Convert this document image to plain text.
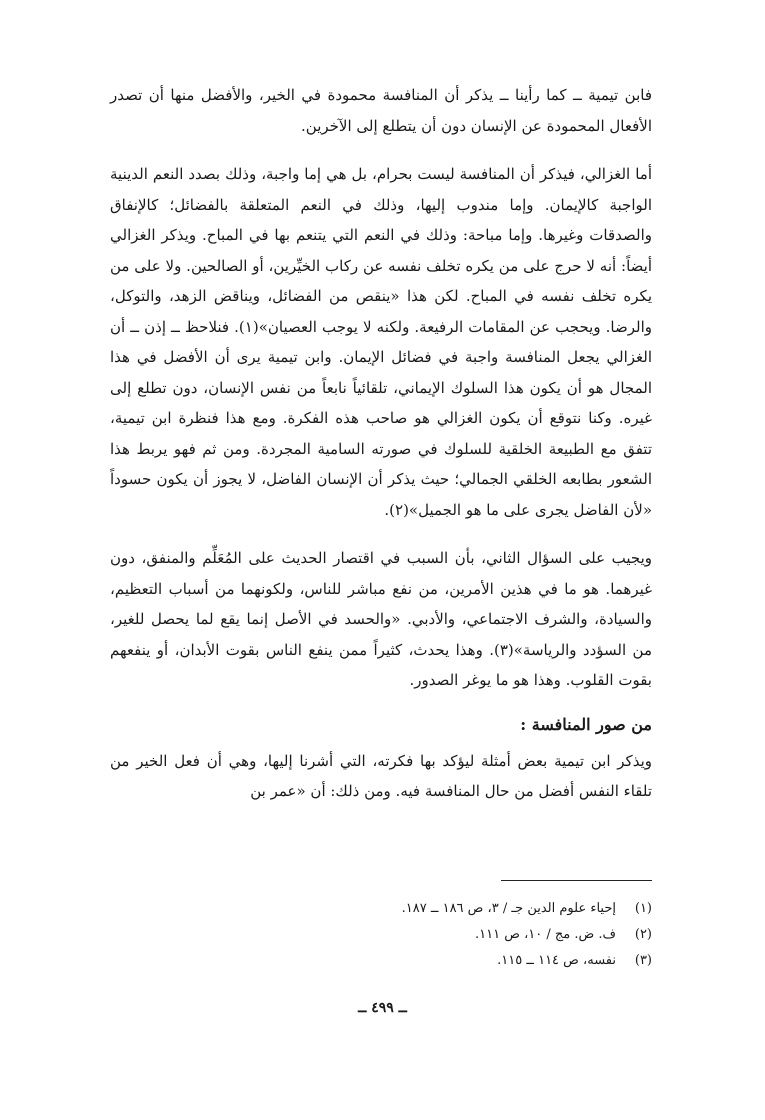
فابن تيمية ــ كما رأينا ــ يذكر أن المنافسة محمودة في الخير، والأفضل منها أن تصدر الأفعال المحمودة عن الإنسان دون أن يتطلع إلى الآخرين.

أما الغزالي، فيذكر أن المنافسة ليست بحرام، بل هي إما واجبة، وذلك بصدد النعم الدينية الواجبة كالإيمان. وإما مندوب إليها، وذلك في النعم المتعلقة بالفضائل؛ كالإنفاق والصدقات وغيرها. وإما مباحة: وذلك في النعم التي يتنعم بها في المباح. ويذكر الغزالي أيضاً: أنه لا حرج على من يكره تخلف نفسه عن ركاب الخيِّرين، أو الصالحين. ولا على من يكره تخلف نفسه في المباح. لكن هذا «ينقص من الفضائل، ويناقض الزهد، والتوكل، والرضا. ويحجب عن المقامات الرفيعة. ولكنه لا يوجب العصيان»(١). فنلاحظ ــ إذن ــ أن الغزالي يجعل المنافسة واجبة في فضائل الإيمان. وابن تيمية يرى أن الأفضل في هذا المجال هو أن يكون هذا السلوك الإيماني، تلقائياً نابعاً من نفس الإنسان، دون تطلع إلى غيره. وكنا نتوقع أن يكون الغزالي هو صاحب هذه الفكرة. ومع هذا فنظرة ابن تيمية، تتفق مع الطبيعة الخلقية للسلوك في صورته السامية المجردة. ومن ثم فهو يربط هذا الشعور بطابعه الخلقي الجمالي؛ حيث يذكر أن الإنسان الفاضل، لا يجوز أن يكون حسوداً «لأن الفاضل يجرى على ما هو الجميل»(٢).

ويجيب على السؤال الثاني، بأن السبب في اقتصار الحديث على المُعَلِّم والمنفق، دون غيرهما. هو ما في هذين الأمرين، من نفع مباشر للناس، ولكونهما من أسباب التعظيم، والسيادة، والشرف الاجتماعي، والأدبي. «والحسد في الأصل إنما يقع لما يحصل للغير، من السؤدد والرياسة»(٣). وهذا يحدث، كثيراً ممن ينفع الناس بقوت الأبدان، أو ينفعهم بقوت القلوب. وهذا هو ما يوغر الصدور.

من صور المنافسة :

ويذكر ابن تيمية بعض أمثلة ليؤكد بها فكرته، التي أشرنا إليها، وهي أن فعل الخير من تلقاء النفس أفضل من حال المنافسة فيه. ومن ذلك: أن «عمر بن

(١)
إحياء علوم الدين جـ / ٣، ص ١٨٦ ــ ١٨٧.
(٢)
ف. ض. مج / ١٠، ص ١١١.
(٣)
نفسه، ص ١١٤ ــ ١١٥.
ــ ٤٩٩ ــ
